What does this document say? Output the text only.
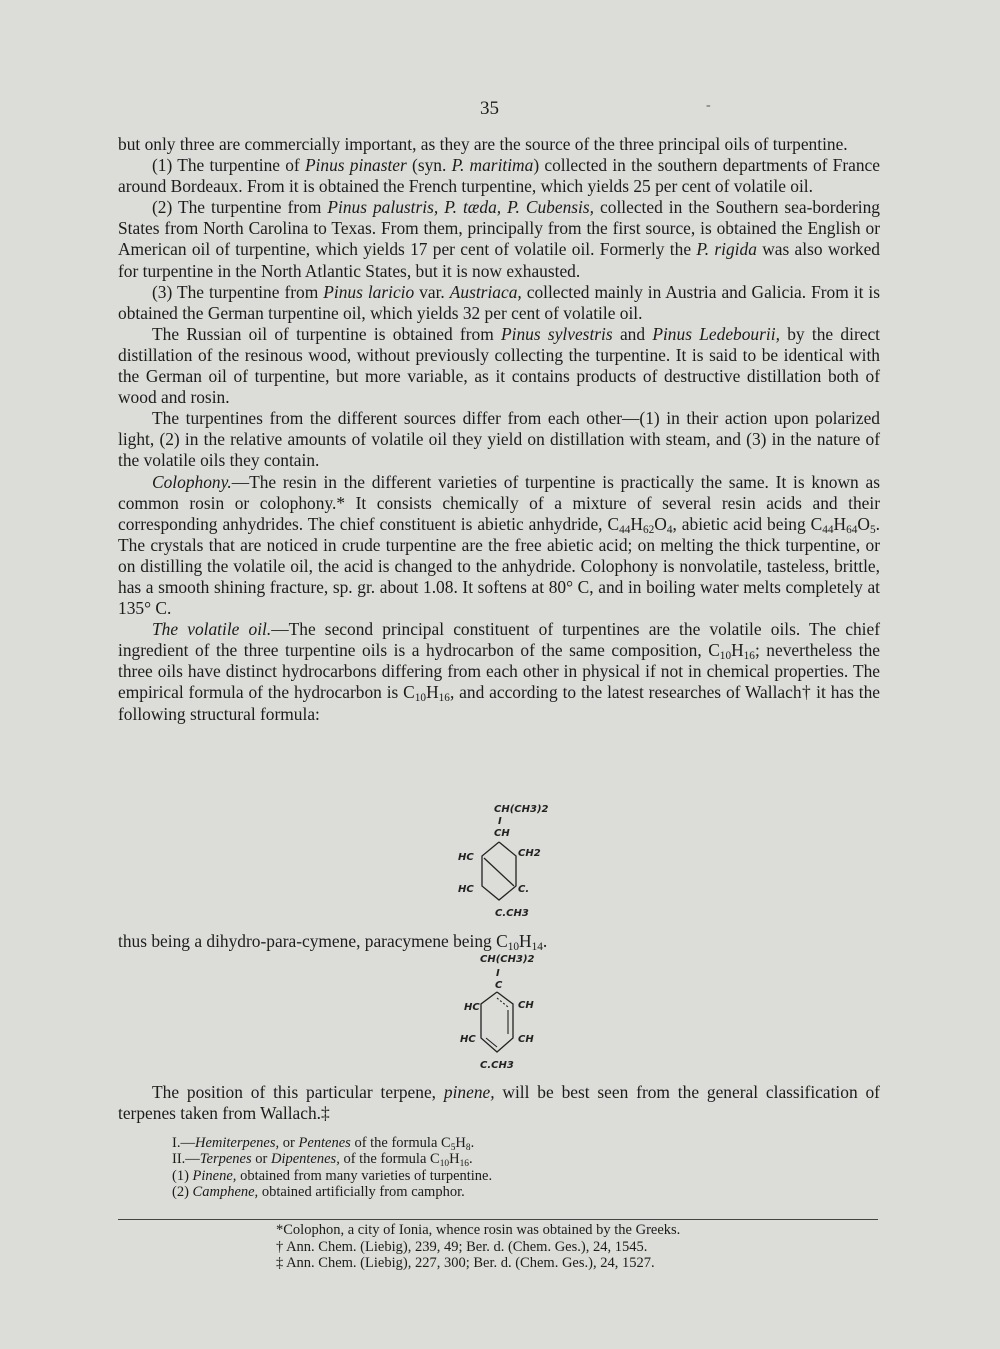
35	-

but only three are commercially important, as they are the source of the three principal oils of turpentine.

(1) The turpentine of Pinus pinaster (syn. P. maritima) collected in the southern departments of France around Bordeaux. From it is obtained the French turpentine, which yields 25 per cent of volatile oil.

(2) The turpentine from Pinus palustris, P. tæda, P. Cubensis, collected in the Southern sea-bordering States from North Carolina to Texas. From them, principally from the first source, is obtained the English or American oil of turpentine, which yields 17 per cent of volatile oil. Formerly the P. rigida was also worked for turpentine in the North Atlantic States, but it is now exhausted.

(3) The turpentine from Pinus laricio var. Austriaca, collected mainly in Austria and Galicia. From it is obtained the German turpentine oil, which yields 32 per cent of volatile oil.

The Russian oil of turpentine is obtained from Pinus sylvestris and Pinus Ledebourii, by the direct distillation of the resinous wood, without previously collecting the turpentine. It is said to be identical with the German oil of turpentine, but more variable, as it contains products of destructive distillation both of wood and rosin.

The turpentines from the different sources differ from each other—(1) in their action upon polarized light, (2) in the relative amounts of volatile oil they yield on distillation with steam, and (3) in the nature of the volatile oils they contain.

Colophony.—The resin in the different varieties of turpentine is practically the same. It is known as common rosin or colophony.* It consists chemically of a mixture of several resin acids and their corresponding anhydrides. The chief constituent is abietic anhydride, $C_{44}H_{62}O_4$, abietic acid being $C_{44}H_{64}O_5$. The crystals that are noticed in crude turpentine are the free abietic acid; on melting the thick turpentine, or on distilling the volatile oil, the acid is changed to the anhydride. Colophony is nonvolatile, tasteless, brittle, has a smooth shining fracture, sp. gr. about 1.08. It softens at 80° C, and in boiling water melts completely at 135° C.

The volatile oil.—The second principal constituent of turpentines are the volatile oils. The chief ingredient of the three turpentine oils is a hydrocarbon of the same composition, $C_{10}H_{16}$; nevertheless the three oils have distinct hydrocarbons differing from each other in physical if not in chemical properties. The empirical formula of the hydrocarbon is $C_{10}H_{16}$, and according to the latest researches of Wallach† it has the following structural formula:

CH(CH3)2
I
CH
HC	CH2
HC	C.
C.CH3

thus being a dihydro-para-cymene, paracymene being $C_{10}H_{14}$.

CH(CH3)2
I
C
HC	CH
HC	CH
C.CH3

The position of this particular terpene, pinene, will be best seen from the general classification of terpenes taken from Wallach.‡

I.—Hemiterpenes, or Pentenes of the formula $C_5H_8$.

II.—Terpenes or Dipentenes, of the formula $C_{10}H_{16}$.

(1) Pinene, obtained from many varieties of turpentine.

(2) Camphene, obtained artificially from camphor.

*Colophon, a city of Ionia, whence rosin was obtained by the Greeks.

† Ann. Chem. (Liebig), 239, 49; Ber. d. (Chem. Ges.), 24, 1545.

‡ Ann. Chem. (Liebig), 227, 300; Ber. d. (Chem. Ges.), 24, 1527.
